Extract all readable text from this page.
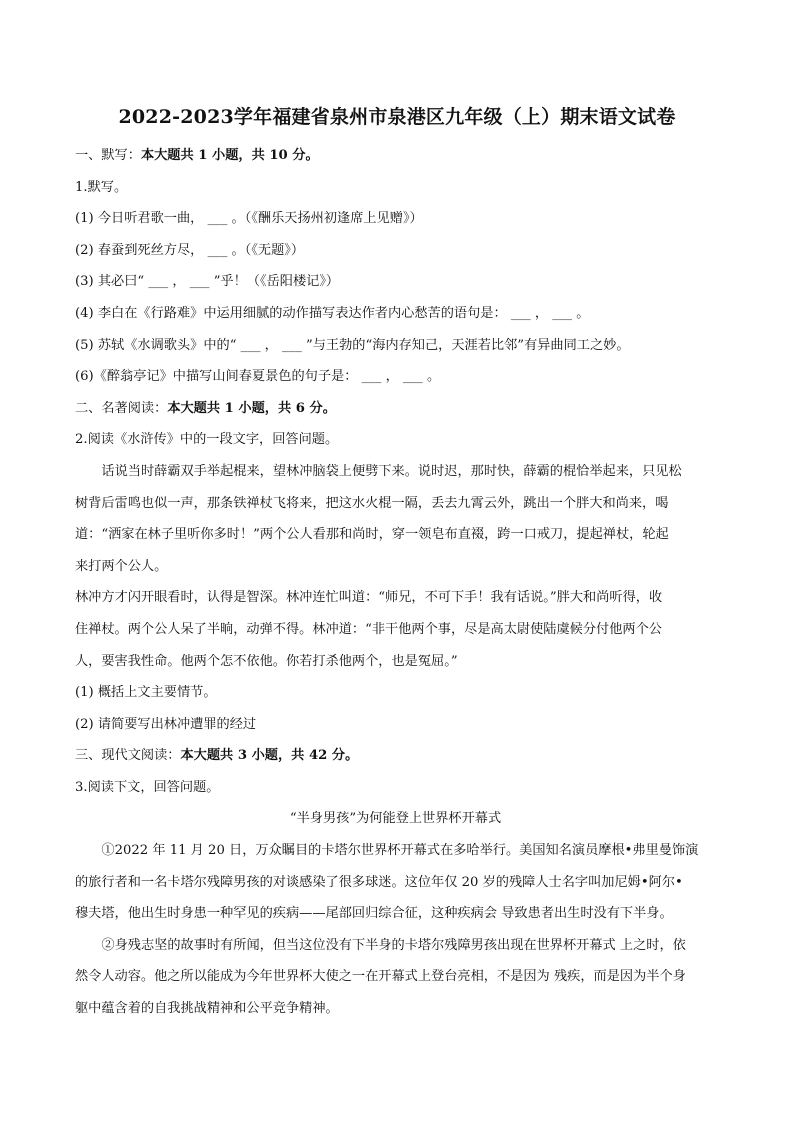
2022-2023学年福建省泉州市泉港区九年级（上）期末语文试卷
一、默写：本大题共 1 小题，共 10 分。
1.默写。
(1) 今日听君歌一曲， ___ 。（《酬乐天扬州初逢席上见赠》）
(2) 春蚕到死丝方尽， ___ 。（《无题》）
(3) 其必曰“ ___ ， ___ ”乎！（《岳阳楼记》）
(4) 李白在《行路难》中运用细腻的动作描写表达作者内心愁苦的语句是： ___ ， ___ 。
(5) 苏轼《水调歌头》中的“ ___ ， ___ ”与王勃的“海内存知己，天涯若比邻”有异曲同工之妙。
(6)《醉翁亭记》中描写山间春夏景色的句子是： ___ ， ___ 。
二、名著阅读：本大题共 1 小题，共 6 分。
2.阅读《水浒传》中的一段文字，回答问题。
话说当时薛霸双手举起棍来，望林冲脑袋上便劈下来。说时迟，那时快，薛霸的棍恰举起来，只见松
树背后雷鸣也似一声，那条铁禅杖飞将来，把这水火棍一隔，丢去九霄云外，跳出一个胖大和尚来，喝
道：“洒家在林子里听你多时！”两个公人看那和尚时，穿一领皂布直裰，跨一口戒刀，提起禅杖，轮起
来打两个公人。
林冲方才闪开眼看时，认得是智深。林冲连忙叫道：“师兄，不可下手！我有话说。”胖大和尚听得，收
住禅杖。两个公人呆了半晌，动弹不得。林冲道：“非干他两个事，尽是高太尉使陆虞候分付他两个公
人，要害我性命。他两个怎不依他。你若打杀他两个，也是冤屈。”
(1) 概括上文主要情节。
(2) 请简要写出林冲遭罪的经过
三、现代文阅读：本大题共 3 小题，共 42 分。
3.阅读下文，回答问题。
“半身男孩”为何能登上世界杯开幕式
①2022 年 11 月 20 日，万众瞩目的卡塔尔世界杯开幕式在多哈举行。美国知名演员摩根•弗里曼饰演
的旅行者和一名卡塔尔残障男孩的对谈感染了很多球迷。这位年仅 20 岁的残障人士名字叫加尼姆•阿尔•
穆夫塔，他出生时身患一种罕见的疾病——尾部回归综合征，这种疾病会 导致患者出生时没有下半身。
②身残志坚的故事时有所闻，但当这位没有下半身的卡塔尔残障男孩出现在世界杯开幕式 上之时，依
然令人动容。他之所以能成为今年世界杯大使之一在开幕式上登台亮相，不是因为 残疾，而是因为半个身
躯中蕴含着的自我挑战精神和公平竞争精神。
